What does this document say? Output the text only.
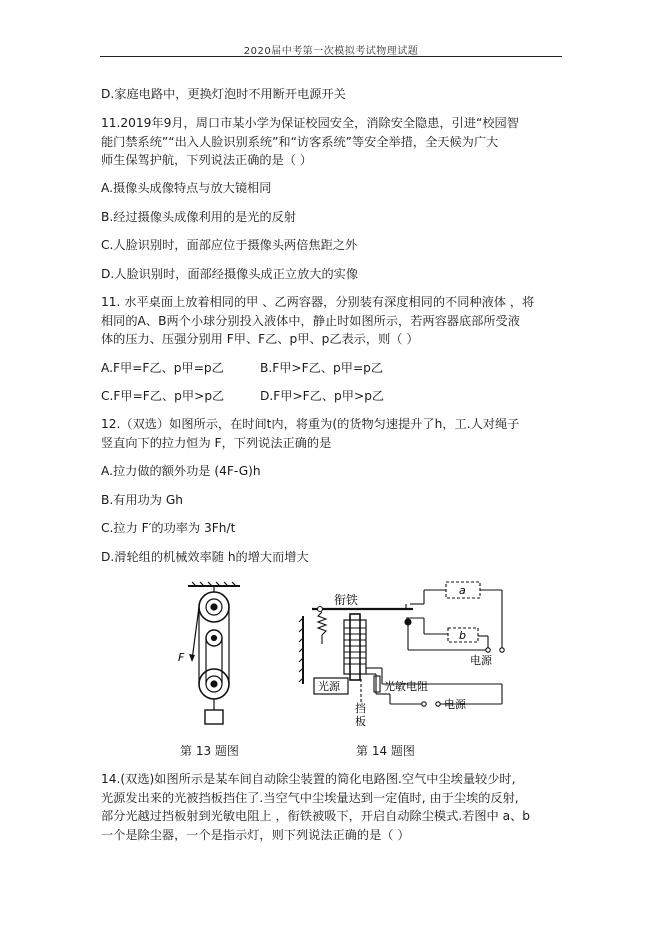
2020届中考第一次模拟考试物理试题
D.家庭电路中，更换灯泡时不用断开电源开关
11.2019年9月，周口市某小学为保证校园安全，消除安全隐患，引进“校园智
能门禁系统”“出入人脸识别系统”和“访客系统”等安全举措，全天候为广大
师生保驾护航，下列说法正确的是（ ）
A.摄像头成像特点与放大镜相同
B.经过摄像头成像利用的是光的反射
C.人脸识别时，面部应位于摄像头两倍焦距之外
D.人脸识别时，面部经摄像头成正立放大的实像
11. 水平桌面上放着相同的甲 、乙两容器，分别装有深度相同的不同种液体 ，将
相同的A、B两个小球分别投入液体中，静止时如图所示，若两容器底部所受液
体的压力、压强分别用 F甲、F乙、p甲、p乙表示，则（ ）
A.F甲=F乙、p甲=p乙	B.F甲>F乙、p甲=p乙
C.F甲=F乙、p甲>p乙	D.F甲>F乙、p甲>p乙
12.（双选）如图所示，在时间t内，将重为(的货物匀速提升了h，工.人对绳子
竖直向下的拉力恒为 F，下列说法正确的是
A.拉力做的额外功是 (4F-G)h
B.有用功为 Gh
C.拉力 F′的功率为 3Fh/t
D.滑轮组的机械效率随 h的增大而增大
F
衔铁
a
b
电源
光源	光敏电阻
电源
挡
板
第 13 题图	第 14 题图
14.(双选)如图所示是某车间自动除尘装置的简化电路图.空气中尘埃量较少时,
光源发出来的光被挡板挡住了.当空气中尘埃量达到一定值时, 由于尘埃的反射,
部分光越过挡板射到光敏电阻上 ，衔铁被吸下，开启自动除尘模式.若图中 a、b
一个是除尘器，一个是指示灯，则下列说法正确的是（ ）
